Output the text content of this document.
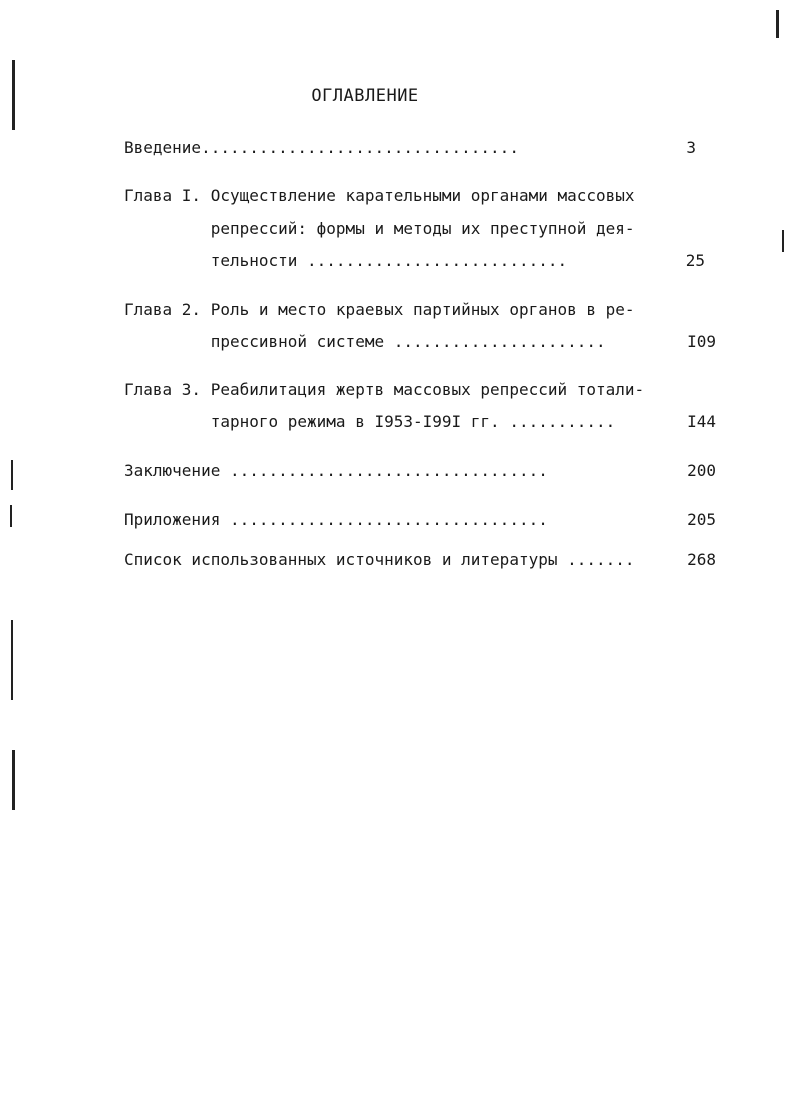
ОГЛАВЛЕНИЕ
Введение.................................	3
Глава I. Осуществление карательными органами массовых
репрессий: формы и методы их преступной дея-
тельности ...........................	25
Глава 2. Роль и место краевых партийных органов в ре-
прессивной системе ......................	I09
Глава 3. Реабилитация жертв массовых репрессий тотали-
тарного режима в I953-I99I гг. ...........	I44
Заключение .................................	200
Приложения .................................	205
Список использованных источников и литературы .......	268
